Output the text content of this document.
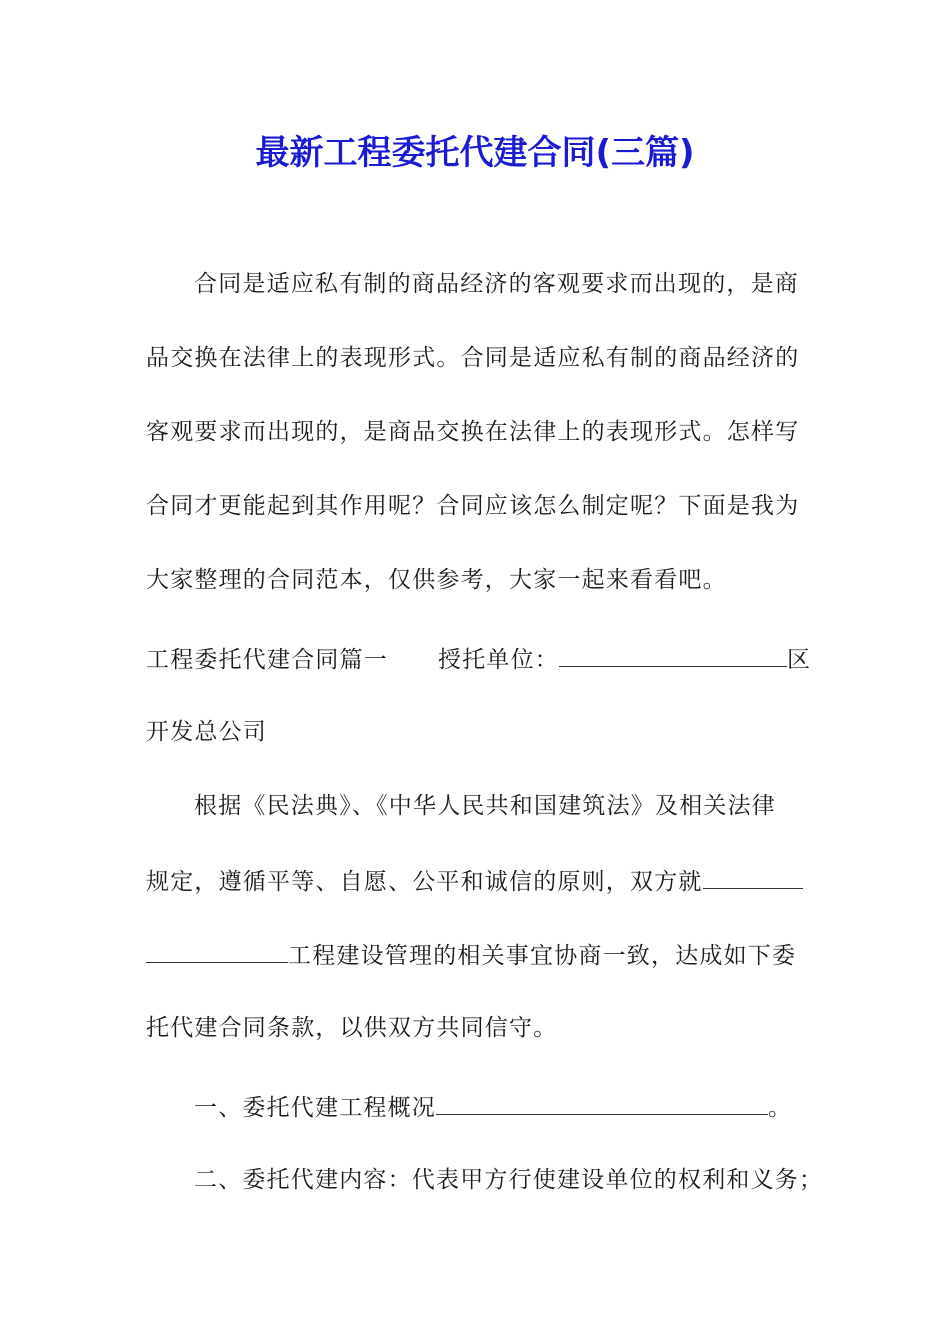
最新工程委托代建合同(三篇)

合同是适应私有制的商品经济的客观要求而出现的，是商

品交换在法律上的表现形式。合同是适应私有制的商品经济的

客观要求而出现的，是商品交换在法律上的表现形式。怎样写

合同才更能起到其作用呢？合同应该怎么制定呢？下面是我为

大家整理的合同范本，仅供参考，大家一起来看看吧。

工程委托代建合同篇一 授托单位：	区

开发总公司

根据《民法典》、《中华人民共和国建筑法》及相关法律

规定，遵循平等、自愿、公平和诚信的原则，双方就

工程建设管理的相关事宜协商一致，达成如下委

托代建合同条款，以供双方共同信守。

一、委托代建工程概况	。

二、委托代建内容：代表甲方行使建设单位的权利和义务；
